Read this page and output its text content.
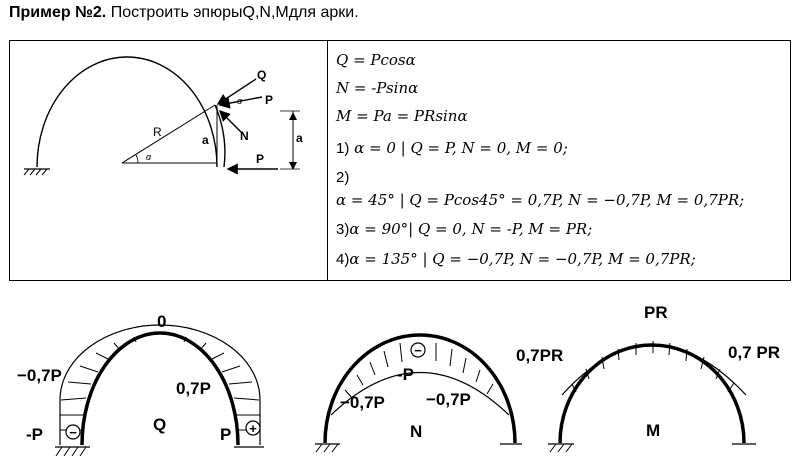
Пример №2. Построить эпюрыQ,N,Mдля арки.
Q
P
α
N
R
a	a
α	P
Q = Pcosα
N = -Psinα
M = Pa = PRsinα
1) α = 0 | Q = P, N = 0, M = 0;
2)
α = 45° | Q = Pcos45° = 0,7P, N = −0,7P, M = 0,7PR;
3)α = 90°| Q = 0, N = -P, M = PR;
4)α = 135° | Q = −0,7P, N = −0,7P, M = 0,7PR;
−	+
0
−0,7P
0,7P
-P	P
Q
−
-P
−0,7P −0,7P
N
PR
0,7PR	0,7 PR
M
